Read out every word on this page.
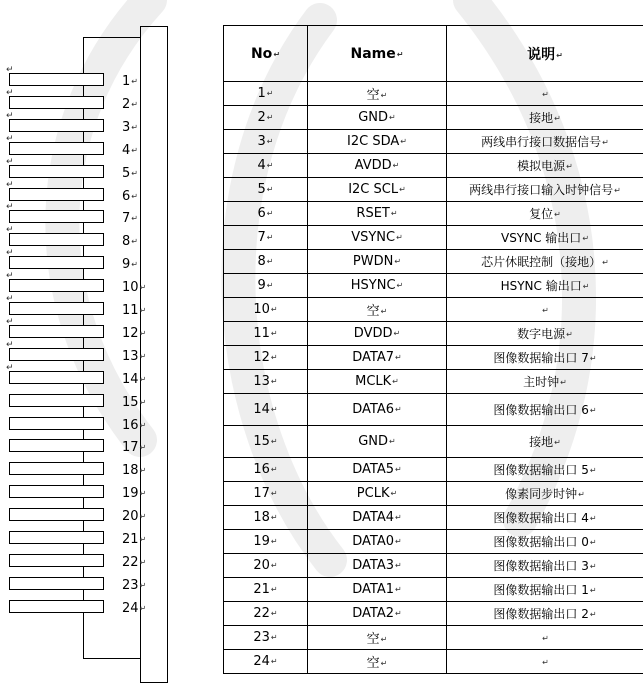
1 ↵
↵
2 ↵
↵
3 ↵
↵
4 ↵
↵
5 ↵
↵
6 ↵
↵
7 ↵
↵
8 ↵
↵
9 ↵
↵
10 ↵
↵
11 ↵
↵
12 ↵
↵
13 ↵
↵
14 ↵
↵
15 ↵
16 ↵
17 ↵
18 ↵
19 ↵
20 ↵
21 ↵
22 ↵
23 ↵
24 ↵
No ↵	Name ↵	说明 ↵
1 ↵	空 ↵	↵
2 ↵	GND ↵	接地 ↵
3 ↵	I2C SDA ↵	两线串行接口数据信号 ↵
4 ↵	AVDD ↵	模拟电源 ↵
5 ↵	I2C SCL ↵	两线串行接口输入时钟信号 ↵
6 ↵	RSET ↵	复位 ↵
7 ↵	VSYNC ↵	VSYNC 输出口 ↵
8 ↵	PWDN ↵	芯片休眠控制（接地） ↵
9 ↵	HSYNC ↵	HSYNC 输出口 ↵
10 ↵	空 ↵	↵
11 ↵	DVDD ↵	数字电源 ↵
12 ↵	DATA7 ↵	图像数据输出口 7 ↵
13 ↵	MCLK ↵	主时钟 ↵
14 ↵	DATA6 ↵	图像数据输出口 6 ↵
15 ↵	GND ↵	接地 ↵
16 ↵	DATA5 ↵	图像数据输出口 5 ↵
17 ↵	PCLK ↵	像素同步时钟 ↵
18 ↵	DATA4 ↵	图像数据输出口 4 ↵
19 ↵	DATA0 ↵	图像数据输出口 0 ↵
20 ↵	DATA3 ↵	图像数据输出口 3 ↵
21 ↵	DATA1 ↵	图像数据输出口 1 ↵
22 ↵	DATA2 ↵	图像数据输出口 2 ↵
23 ↵	空 ↵	↵
24 ↵	空 ↵	↵
